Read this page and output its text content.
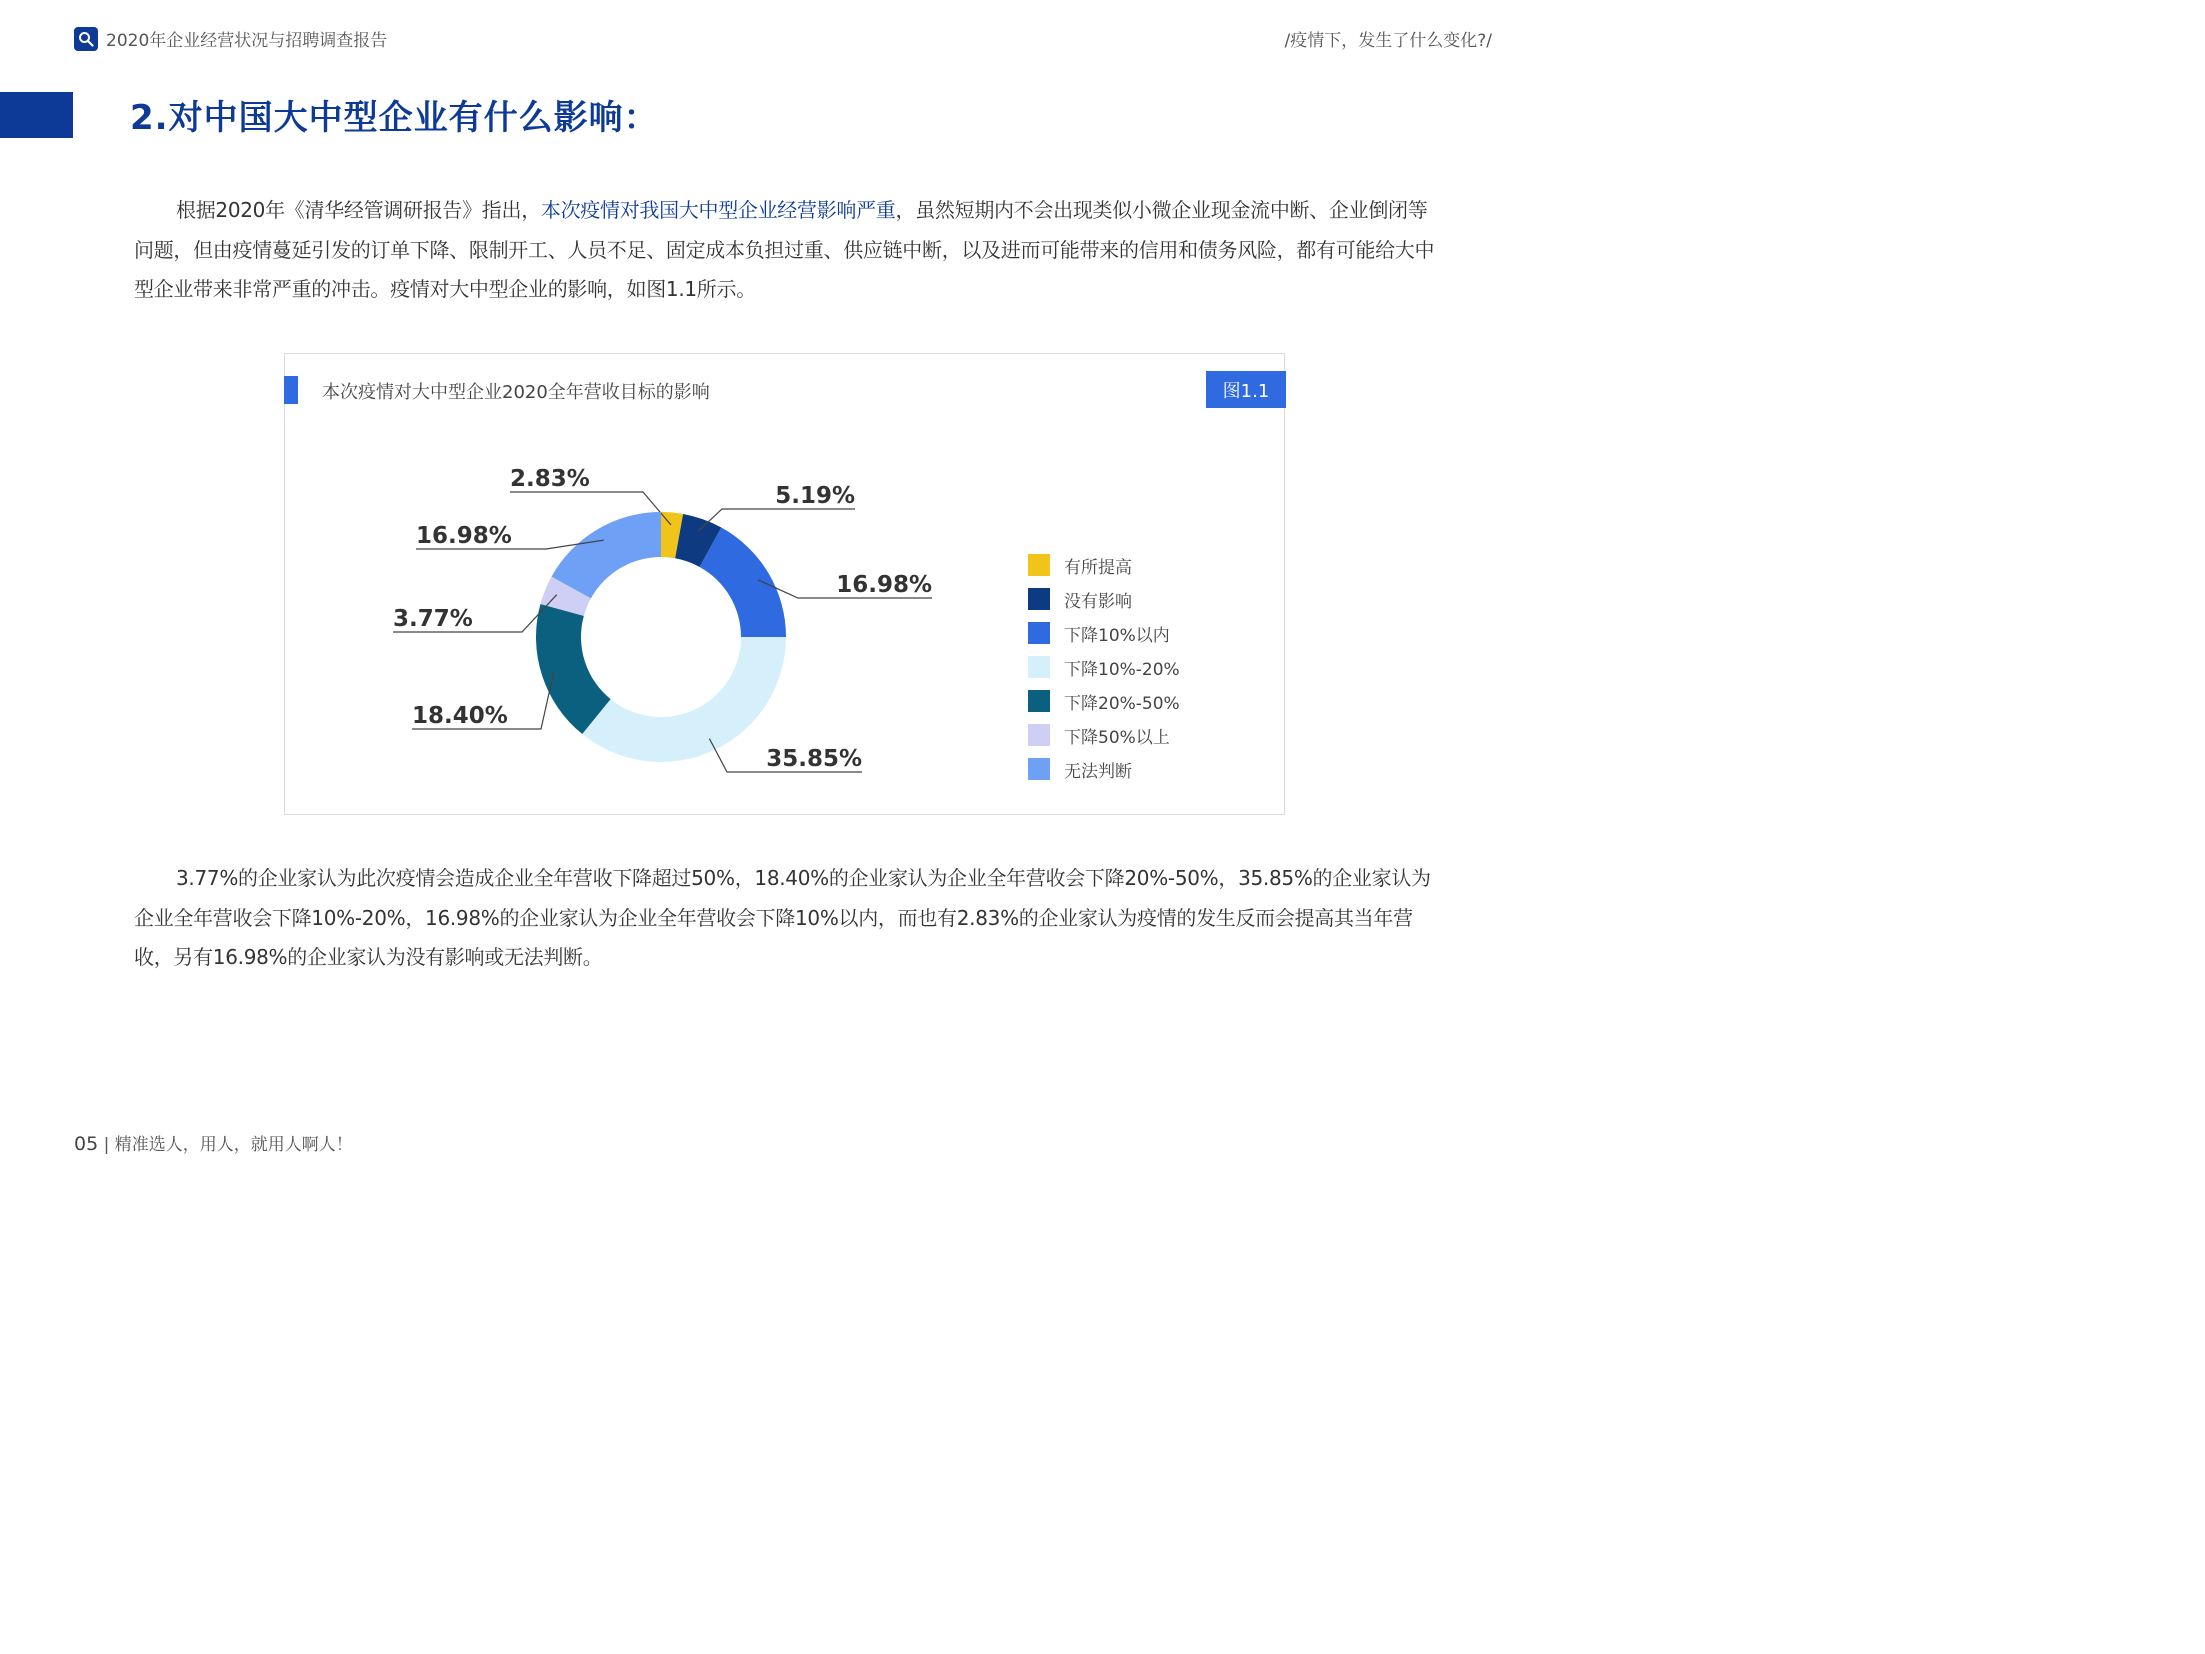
2020年企业经营状况与招聘调查报告	/疫情下，发生了什么变化?/
2.对中国大中型企业有什么影响：
根据2020年《清华经管调研报告》指出，本次疫情对我国大中型企业经营影响严重，虽然短期内不会出现类似小微企业现金流中断、企业倒闭等问题，但由疫情蔓延引发的订单下降、限制开工、人员不足、固定成本负担过重、供应链中断，以及进而可能带来的信用和债务风险，都有可能给大中型企业带来非常严重的冲击。疫情对大中型企业的影响，如图1.1所示。
本次疫情对大中型企业2020全年营收目标的影响	图1.1
2.83%
5.19%
16.98%
35.85%
18.40%
3.77%
16.98%
有所提高
没有影响
下降10%以内
下降10%-20%
下降20%-50%
下降50%以上
无法判断
3.77%的企业家认为此次疫情会造成企业全年营收下降超过50%，18.40%的企业家认为企业全年营收会下降20%-50%，35.85%的企业家认为企业全年营收会下降10%-20%，16.98%的企业家认为企业全年营收会下降10%以内，而也有2.83%的企业家认为疫情的发生反而会提高其当年营收，另有16.98%的企业家认为没有影响或无法判断。
05 | 精准选人，用人，就用人啊人！
